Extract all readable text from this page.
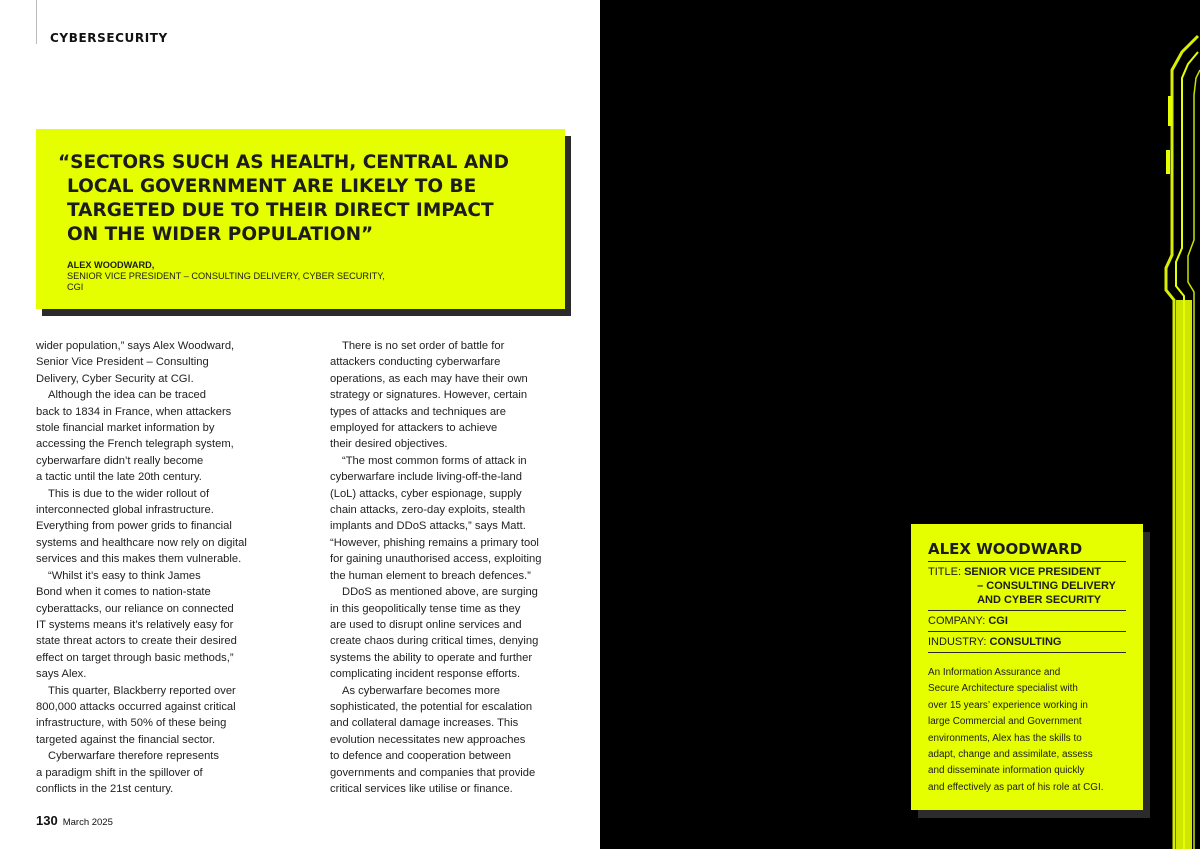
CYBERSECURITY
“SECTORS SUCH AS HEALTH, CENTRAL AND
LOCAL GOVERNMENT ARE LIKELY TO BE
TARGETED DUE TO THEIR DIRECT IMPACT
ON THE WIDER POPULATION”
ALEX WOODWARD,
SENIOR VICE PRESIDENT – CONSULTING DELIVERY, CYBER SECURITY,
CGI
wider population,” says Alex Woodward,
Senior Vice President – Consulting
Delivery, Cyber Security at CGI.
Although the idea can be traced
back to 1834 in France, when attackers
stole financial market information by
accessing the French telegraph system,
cyberwarfare didn’t really become
a tactic until the late 20th century.
This is due to the wider rollout of
interconnected global infrastructure.
Everything from power grids to financial
systems and healthcare now rely on digital
services and this makes them vulnerable.
“Whilst it’s easy to think James
Bond when it comes to nation-state
cyberattacks, our reliance on connected
IT systems means it’s relatively easy for
state threat actors to create their desired
effect on target through basic methods,”
says Alex.
This quarter, Blackberry reported over
800,000 attacks occurred against critical
infrastructure, with 50% of these being
targeted against the financial sector.
Cyberwarfare therefore represents
a paradigm shift in the spillover of
conflicts in the 21st century.
There is no set order of battle for
attackers conducting cyberwarfare
operations, as each may have their own
strategy or signatures. However, certain
types of attacks and techniques are
employed for attackers to achieve
their desired objectives.
“The most common forms of attack in
cyberwarfare include living-off-the-land
(LoL) attacks, cyber espionage, supply
chain attacks, zero-day exploits, stealth
implants and DDoS attacks,” says Matt.
“However, phishing remains a primary tool
for gaining unauthorised access, exploiting
the human element to breach defences.”
DDoS as mentioned above, are surging
in this geopolitically tense time as they
are used to disrupt online services and
create chaos during critical times, denying
systems the ability to operate and further
complicating incident response efforts.
As cyberwarfare becomes more
sophisticated, the potential for escalation
and collateral damage increases. This
evolution necessitates new approaches
to defence and cooperation between
governments and companies that provide
critical services like utilise or finance.
130 March 2025
ALEX WOODWARD
TITLE:
SENIOR VICE PRESIDENT
– CONSULTING DELIVERY
AND CYBER SECURITY
COMPANY: CGI
INDUSTRY: CONSULTING
An Information Assurance and
Secure Architecture specialist with
over 15 years’ experience working in
large Commercial and Government
environments, Alex has the skills to
adapt, change and assimilate, assess
and disseminate information quickly
and effectively as part of his role at CGI.
